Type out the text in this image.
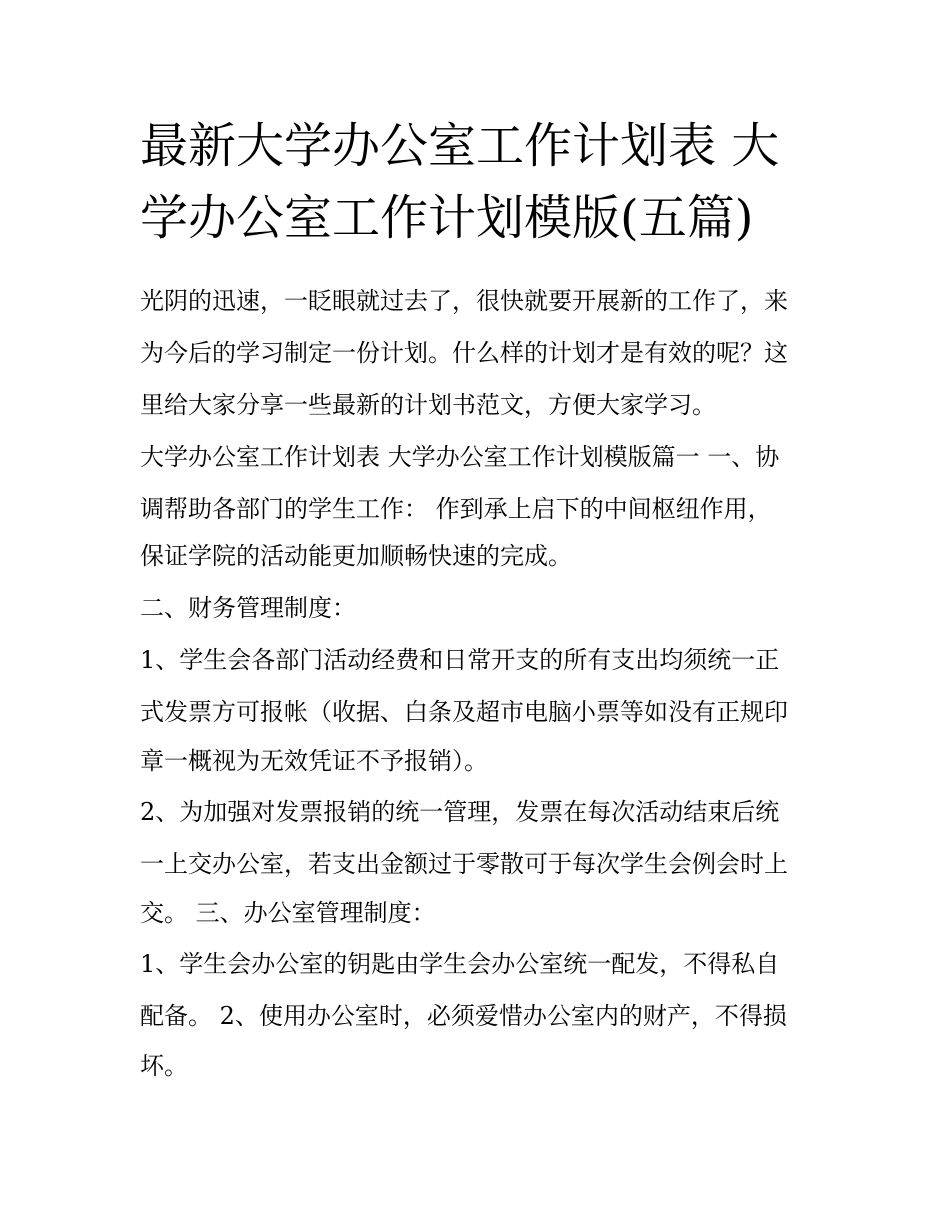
最新大学办公室工作计划表 大
学办公室工作计划模版(五篇)
光阴的迅速，一眨眼就过去了，很快就要开展新的工作了，来
为今后的学习制定一份计划。什么样的计划才是有效的呢？这
里给大家分享一些最新的计划书范文，方便大家学习。
大学办公室工作计划表 大学办公室工作计划模版篇一 一、协
调帮助各部门的学生工作： 作到承上启下的中间枢纽作用，
保证学院的活动能更加顺畅快速的完成。
二、财务管理制度：
1、学生会各部门活动经费和日常开支的所有支出均须统一正
式发票方可报帐（收据、白条及超市电脑小票等如没有正规印
章一概视为无效凭证不予报销）。
2、为加强对发票报销的统一管理，发票在每次活动结束后统
一上交办公室，若支出金额过于零散可于每次学生会例会时上
交。 三、办公室管理制度：
1、学生会办公室的钥匙由学生会办公室统一配发，不得私自
配备。 2、使用办公室时，必须爱惜办公室内的财产，不得损
坏。
